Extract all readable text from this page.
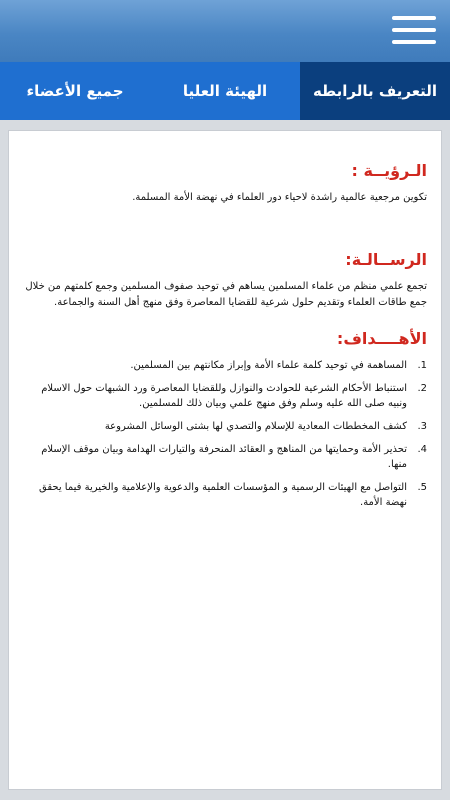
التعريف بالرابطه
الهيئة العليا
جميع الأعضاء
الـرؤيــة :

تكوين مرجعية عالمية راشدة لاحياء دور العلماء في نهضة الأمة المسلمة.

الرســالـة:

تجمع علمي منظم من علماء المسلمين يساهم في توحيد صفوف المسلمين وجمع كلمتهم من خلال جمع طاقات العلماء وتقديم حلول شرعية للقضايا المعاصرة وفق منهج أهل السنة والجماعة.

الأهــــداف:
1.
المساهمة في توحيد كلمة علماء الأمة وإبراز مكانتهم بين المسلمين.
2.
استنباط الأحكام الشرعية للحوادث والنوازل وللقضايا المعاصرة ورد الشبهات حول الاسلام ونبيه صلى الله عليه وسلم وفق منهج علمي وبيان ذلك للمسلمين.
3.
كشف المخططات المعادية للإسلام والتصدي لها بشتى الوسائل المشروعة
4.
تحذير الأمة وحمايتها من المناهج و العقائد المنحرفة والتيارات الهدامة وبيان موقف الإسلام منها.
5.
التواصل مع الهيئات الرسمية و المؤسسات العلمية والدعوية والإعلامية والخيرية فيما يحقق نهضة الأمة.
